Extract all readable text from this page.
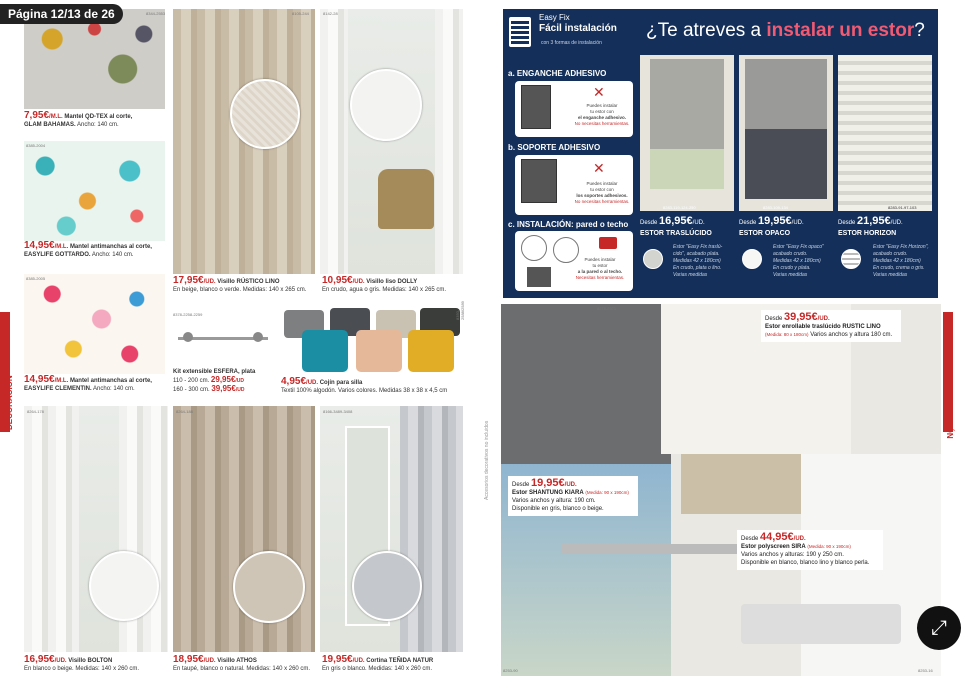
DECORACIÓN
8344-2553
7,95€/M.L. Mantel QD-TEX al corte,
GLAM BAHAMAS. Ancho: 140 cm.
8385-2004
14,95€/M.L. Mantel antimanchas al corte,
EASYLIFE GOTTARDO. Ancho: 140 cm.
8385-2005
14,95€/M.L. Mantel antimanchas al corte,
EASYLIFE CLEMENTIN. Ancho: 140 cm.
8105-244
17,95€/UD. Visillo RÚSTICO LINO
En beige, blanco o verde. Medidas: 140 x 265 cm.
8142-28
10,95€/UD. Visillo liso DOLLY
En crudo, agua o gris. Medidas: 140 x 265 cm.
8378-2258-2259
Kit extensible ESFERA, plata
110 - 200 cm. 29,95€/UD
160 - 300 cm. 39,95€/UD
8350-2588/2589
4,95€/UD. Cojín para silla
Textil 100% algodón. Varios colores. Medidas 38 x 38 x 4,5 cm
8264-178
16,95€/UD. Visillo BOLTON
En blanco o beige. Medidas: 140 x 260 cm.
8264-188
18,95€/UD. Visillo ATHOS
En taupé, blanco o natural. Medidas: 140 x 260 cm.
8166-3489-3408
19,95€/UD. Cortina TEÑIDA NATUR
En gris o blanco. Medidas: 140 x 260 cm.
Accesorios decorativos no incluidos
DECORACIÓN
Easy Fix
Fácil instalación
con 3 formas de instalación
¿Te atreves a instalar un estor?
a. ENGANCHE ADHESIVO
Puedes instalar
tu estor con
el enganche adhesivo.
No necesitas herramientas.
✕
b. SOPORTE ADHESIVO
Puedes instalar
tu estor con
los soportes adhesivos.
No necesitas herramientas.
✕
c. INSTALACIÓN: pared o techo
Puedes instalar
tu estor
a la pared o al techo.
Necesitas herramientas.
8283-119-124-250	8283-109-134	8283-91-97-103
Desde 16,95€/UD.
ESTOR TRASLÚCIDO
Estor "Easy Fix traslú-
cido", acabado plata.
Medidas 42 x 180cm)
En crudo, plata o lino.
Varias medidas
Desde 19,95€/UD.
ESTOR OPACO
Estor "Easy Fix opaco"
acabado crudo.
Medidas 42 x 180cm)
En crudo y plata.
Varias medidas
Desde 21,95€/UD.
ESTOR HORIZON
Estor "Easy Fix Horizon",
acabado crudo.
Medidas 42 x 180cm)
En crudo, crema o gris.
Varias medidas
8278-2371
Desde 39,95€/UD.
Estor enrollable traslúcido RUSTIC LINO
(Medida: 80 x 180cm) Varios anchos y altura 180 cm.
Desde 19,95€/UD.
Estor SHANTUNG KIARA (Medida: 90 x 190cm)
Varios anchos y altura: 190 cm.
Disponible en gris, blanco o beige.
Desde 44,95€/UD.
Estor polyscreen SIRA (Medida: 90 x 190cm)
Varios anchos y alturas: 190 y 250 cm.
Disponible en blanco, blanco lino y blanco perla.
8253-90	8253-16
Página 12/13 de 26
⤢
